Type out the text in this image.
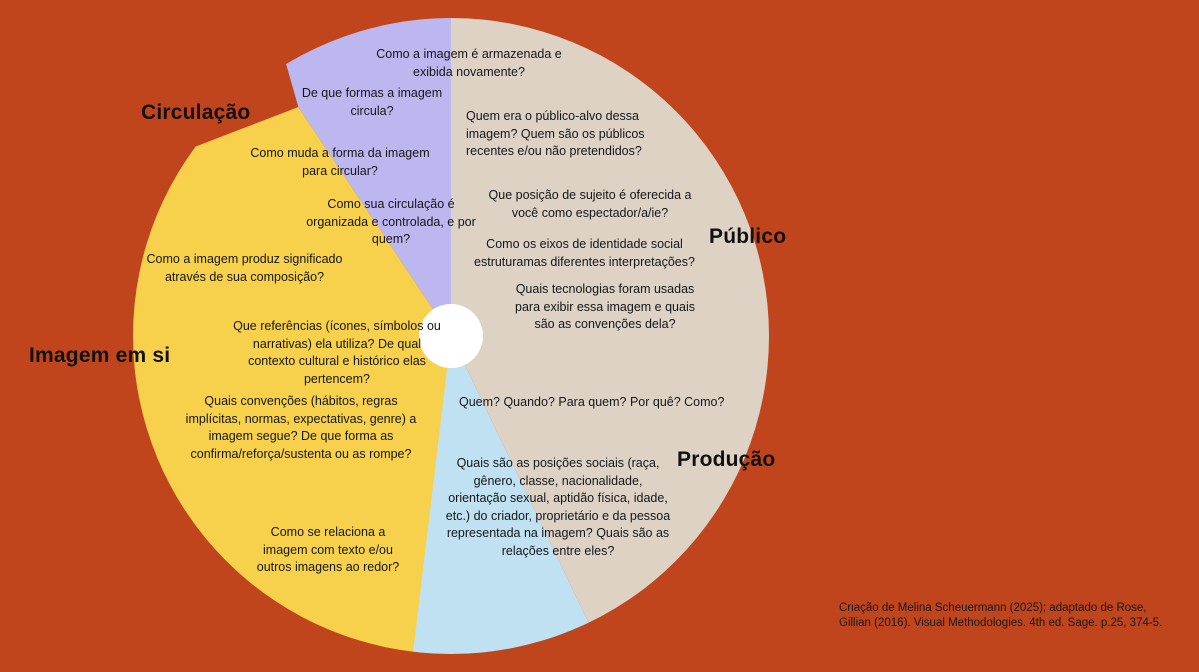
Circulação
Público
Produção
Imagem em si
Como a imagem é armazenada e exibida novamente?
De que formas a imagem circula?
Como muda a forma da imagem para circular?
Como sua circulação é organizada e controlada, e por quem?
Quem era o público-alvo dessa imagem? Quem são os públicos recentes e/ou não pretendidos?
Que posição de sujeito é oferecida a você como espectador/a/ie?
Como os eixos de identidade social estruturamas diferentes interpretações?
Quais tecnologias foram usadas para exibir essa imagem e quais são as convenções dela?
Como a imagem produz significado através de sua composição?
Que referências (ícones, símbolos ou narrativas) ela utiliza? De qual contexto cultural e histórico elas pertencem?
Quais convenções (hábitos, regras implícitas, normas, expectativas, genre) a imagem segue? De que forma as confirma/reforça/sustenta ou as rompe?
Como se relaciona a imagem com texto e/ou outros imagens ao redor?
Quem? Quando? Para quem? Por quê? Como?
Quais são as posições sociais (raça, gênero, classe, nacionalidade, orientação sexual, aptidão física, idade, etc.) do criador, proprietário e da pessoa representada na imagem? Quais são as relações entre eles?
Criação de Melina Scheuermann (2025); adaptado de Rose, Gillian (2016). Visual Methodologies. 4th ed. Sage. p.25, 374-5.
